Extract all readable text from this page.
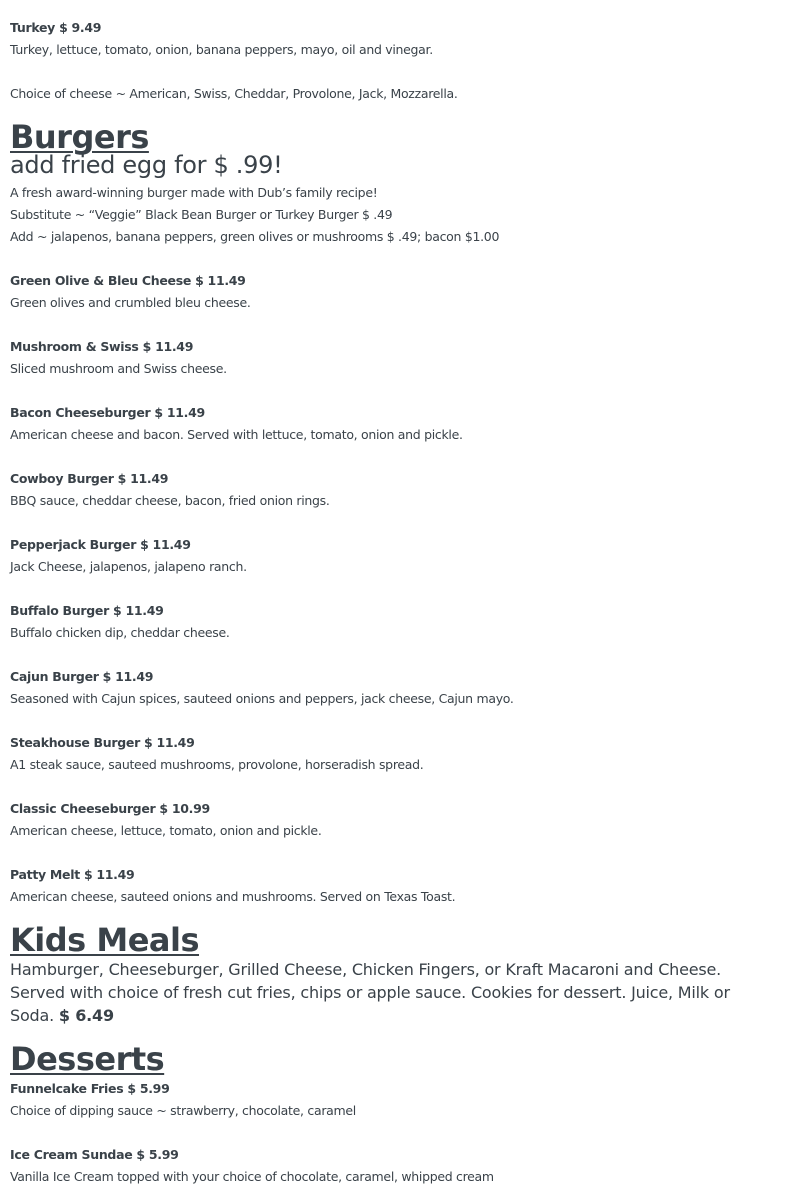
Turkey $ 9.49
Turkey, lettuce, tomato, onion, banana peppers, mayo, oil and vinegar.
Choice of cheese ~ American, Swiss, Cheddar, Provolone, Jack, Mozzarella.
Burgers
add fried egg for $ .99!
A fresh award-winning burger made with Dub’s family recipe!
Substitute ~ “Veggie” Black Bean Burger or Turkey Burger $ .49
Add ~ jalapenos, banana peppers, green olives or mushrooms $ .49; bacon $1.00
Green Olive & Bleu Cheese $ 11.49
Green olives and crumbled bleu cheese.
Mushroom & Swiss $ 11.49
Sliced mushroom and Swiss cheese.
Bacon Cheeseburger $ 11.49
American cheese and bacon. Served with lettuce, tomato, onion and pickle.
Cowboy Burger $ 11.49
BBQ sauce, cheddar cheese, bacon, fried onion rings.
Pepperjack Burger $ 11.49
Jack Cheese, jalapenos, jalapeno ranch.
Buffalo Burger $ 11.49
Buffalo chicken dip, cheddar cheese.
Cajun Burger $ 11.49
Seasoned with Cajun spices, sauteed onions and peppers, jack cheese, Cajun mayo.
Steakhouse Burger $ 11.49
A1 steak sauce, sauteed mushrooms, provolone, horseradish spread.
Classic Cheeseburger $ 10.99
American cheese, lettuce, tomato, onion and pickle.
Patty Melt $ 11.49
American cheese, sauteed onions and mushrooms. Served on Texas Toast.
Kids Meals
Hamburger, Cheeseburger, Grilled Cheese, Chicken Fingers, or Kraft Macaroni and Cheese. Served with choice of fresh cut fries, chips or apple sauce. Cookies for dessert. Juice, Milk or Soda. $ 6.49
Desserts
Funnelcake Fries $ 5.99
Choice of dipping sauce ~ strawberry, chocolate, caramel
Ice Cream Sundae $ 5.99
Vanilla Ice Cream topped with your choice of chocolate, caramel, whipped cream
